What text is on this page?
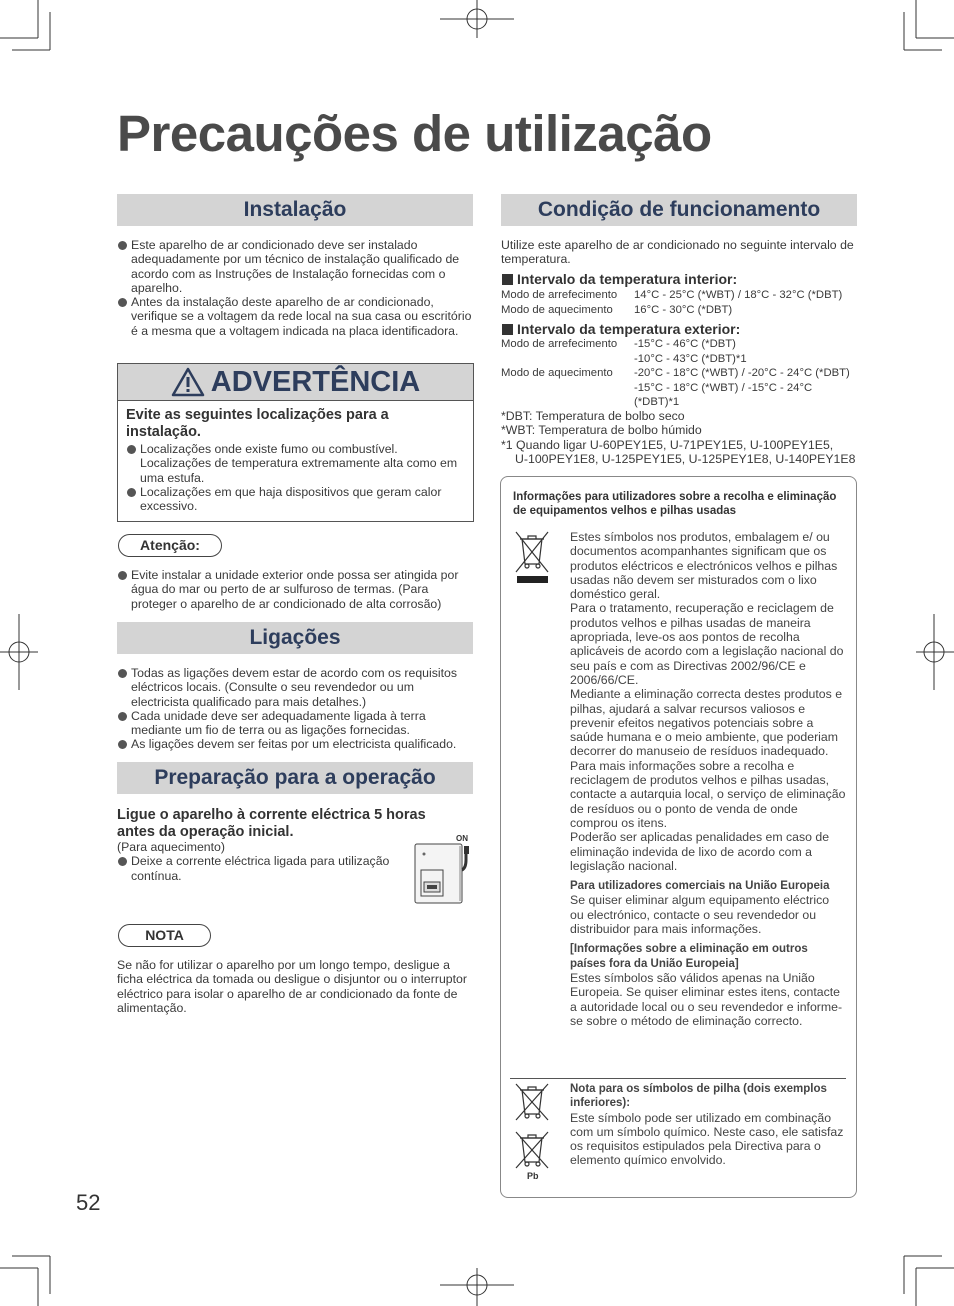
Precauções de utilização
Instalação
Este aparelho de ar condicionado deve ser instalado adequadamente por um técnico de instalação qualificado de acordo com as Instruções de Instalação fornecidas com o aparelho.
Antes da instalação deste aparelho de ar condicionado, verifique se a voltagem da rede local na sua casa ou escritório é a mesma que a voltagem indicada na placa identificadora.
ADVERTÊNCIA
Evite as seguintes localizações para a instalação.
Localizações onde existe fumo ou combustível. Localizações de temperatura extremamente alta como em uma estufa.
Localizações em que haja dispositivos que geram calor excessivo.
Atenção:
Evite instalar a unidade exterior onde possa ser atingida por água do mar ou perto de ar sulfuroso de termas. (Para proteger o aparelho de ar condicionado de alta corrosão)
Ligações
Todas as ligações devem estar de acordo com os requisitos eléctricos locais. (Consulte o seu revendedor ou um electricista qualificado para mais detalhes.)
Cada unidade deve ser adequadamente ligada à terra mediante um fio de terra ou as ligações fornecidas.
As ligações devem ser feitas por um electricista qualificado.
Preparação para a operação
Ligue o aparelho à corrente eléctrica 5 horas antes da operação inicial.
(Para aquecimento)
Deixe a corrente eléctrica ligada para utilização contínua.
ON
NOTA
Se não for utilizar o aparelho por um longo tempo, desligue a ficha eléctrica da tomada ou desligue o disjuntor ou o interruptor eléctrico para isolar o aparelho de ar condicionado da fonte de alimentação.
Condição de funcionamento
Utilize este aparelho de ar condicionado no seguinte intervalo de temperatura.
Intervalo da temperatura interior:
Modo de arrefecimento
Modo de aquecimento
14°C - 25°C (*WBT) / 18°C - 32°C (*DBT)
16°C - 30°C (*DBT)
Intervalo da temperatura exterior:
Modo de arrefecimento
Modo de aquecimento
-15°C - 46°C (*DBT)
-10°C - 43°C (*DBT)*1
-20°C - 18°C (*WBT) / -20°C - 24°C (*DBT)
-15°C - 18°C (*WBT) / -15°C - 24°C (*DBT)*1
*DBT: Temperatura de bolbo seco
*WBT: Temperatura de bolbo húmido
*1 Quando ligar U-60PEY1E5, U-71PEY1E5, U-100PEY1E5,
U-100PEY1E8, U-125PEY1E5, U-125PEY1E8, U-140PEY1E8
Informações para utilizadores sobre a recolha e eliminação de equipamentos velhos e pilhas usadas
Estes símbolos nos produtos, embalagem e/ ou documentos acompanhantes significam que os produtos eléctricos e electrónicos velhos e pilhas usadas não devem ser misturados com o lixo doméstico geral.
Para o tratamento, recuperação e reciclagem de produtos velhos e pilhas usadas de maneira apropriada, leve-os aos pontos de recolha aplicáveis de acordo com a legislação nacional do seu país e com as Directivas 2002/96/CE e 2006/66/CE.
Mediante a eliminação correcta destes produtos e pilhas, ajudará a salvar recursos valiosos e prevenir efeitos negativos potenciais sobre a saúde humana e o meio ambiente, que poderiam decorrer do manuseio de resíduos inadequado.
Para mais informações sobre a recolha e reciclagem de produtos velhos e pilhas usadas, contacte a autarquia local, o serviço de eliminação de resíduos ou o ponto de venda de onde comprou os itens.
Poderão ser aplicadas penalidades em caso de eliminação indevida de lixo de acordo com a legislação nacional.
Para utilizadores comerciais na União Europeia
Se quiser eliminar algum equipamento eléctrico ou electrónico, contacte o seu revendedor ou distribuidor para mais informações.
[Informações sobre a eliminação em outros países fora da União Europeia]
Estes símbolos são válidos apenas na União Europeia. Se quiser eliminar estes itens, contacte a autoridade local ou o seu revendedor e informe-se sobre o método de eliminação correcto.
Pb
Nota para os símbolos de pilha (dois exemplos inferiores):
Este símbolo pode ser utilizado em combinação com um símbolo químico. Neste caso, ele satisfaz os requisitos estipulados pela Directiva para o elemento químico envolvido.
52
